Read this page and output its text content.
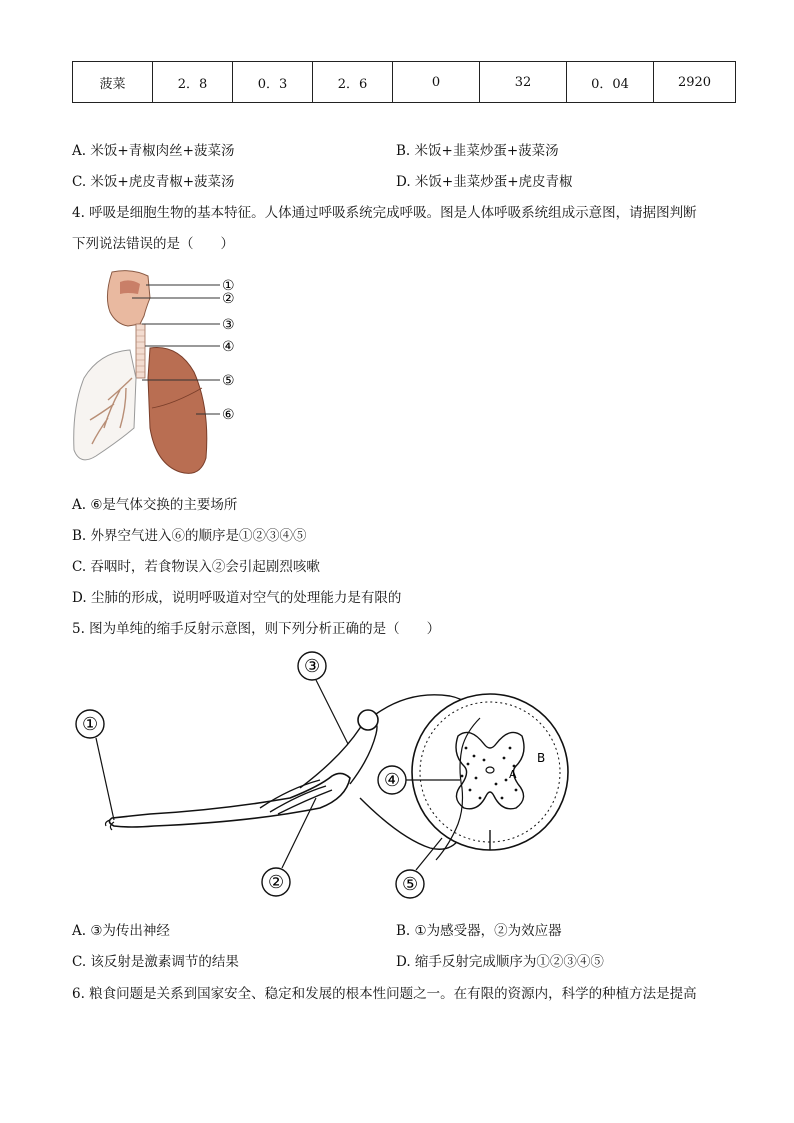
菠菜	2．8	0．3	2．6	0	32	0．04	2920
A. 米饭+青椒肉丝+菠菜汤	B. 米饭+韭菜炒蛋+菠菜汤
C. 米饭+虎皮青椒+菠菜汤	D. 米饭+韭菜炒蛋+虎皮青椒
4. 呼吸是细胞生物的基本特征。人体通过呼吸系统完成呼吸。图是人体呼吸系统组成示意图，请据图判断
下列说法错误的是（　　）
①
②
③
④
⑤
⑥
A. ⑥是气体交换的主要场所
B. 外界空气进入⑥的顺序是①②③④⑤
C. 吞咽时，若食物误入②会引起剧烈咳嗽
D. 尘肺的形成，说明呼吸道对空气的处理能力是有限的
5. 图为单纯的缩手反射示意图，则下列分析正确的是（　　）
①
③
④
②	⑤
A
B
A. ③为传出神经	B. ①为感受器，②为效应器
C. 该反射是激素调节的结果	D. 缩手反射完成顺序为①②③④⑤
6. 粮食问题是关系到国家安全、稳定和发展的根本性问题之一。在有限的资源内，科学的种植方法是提高
